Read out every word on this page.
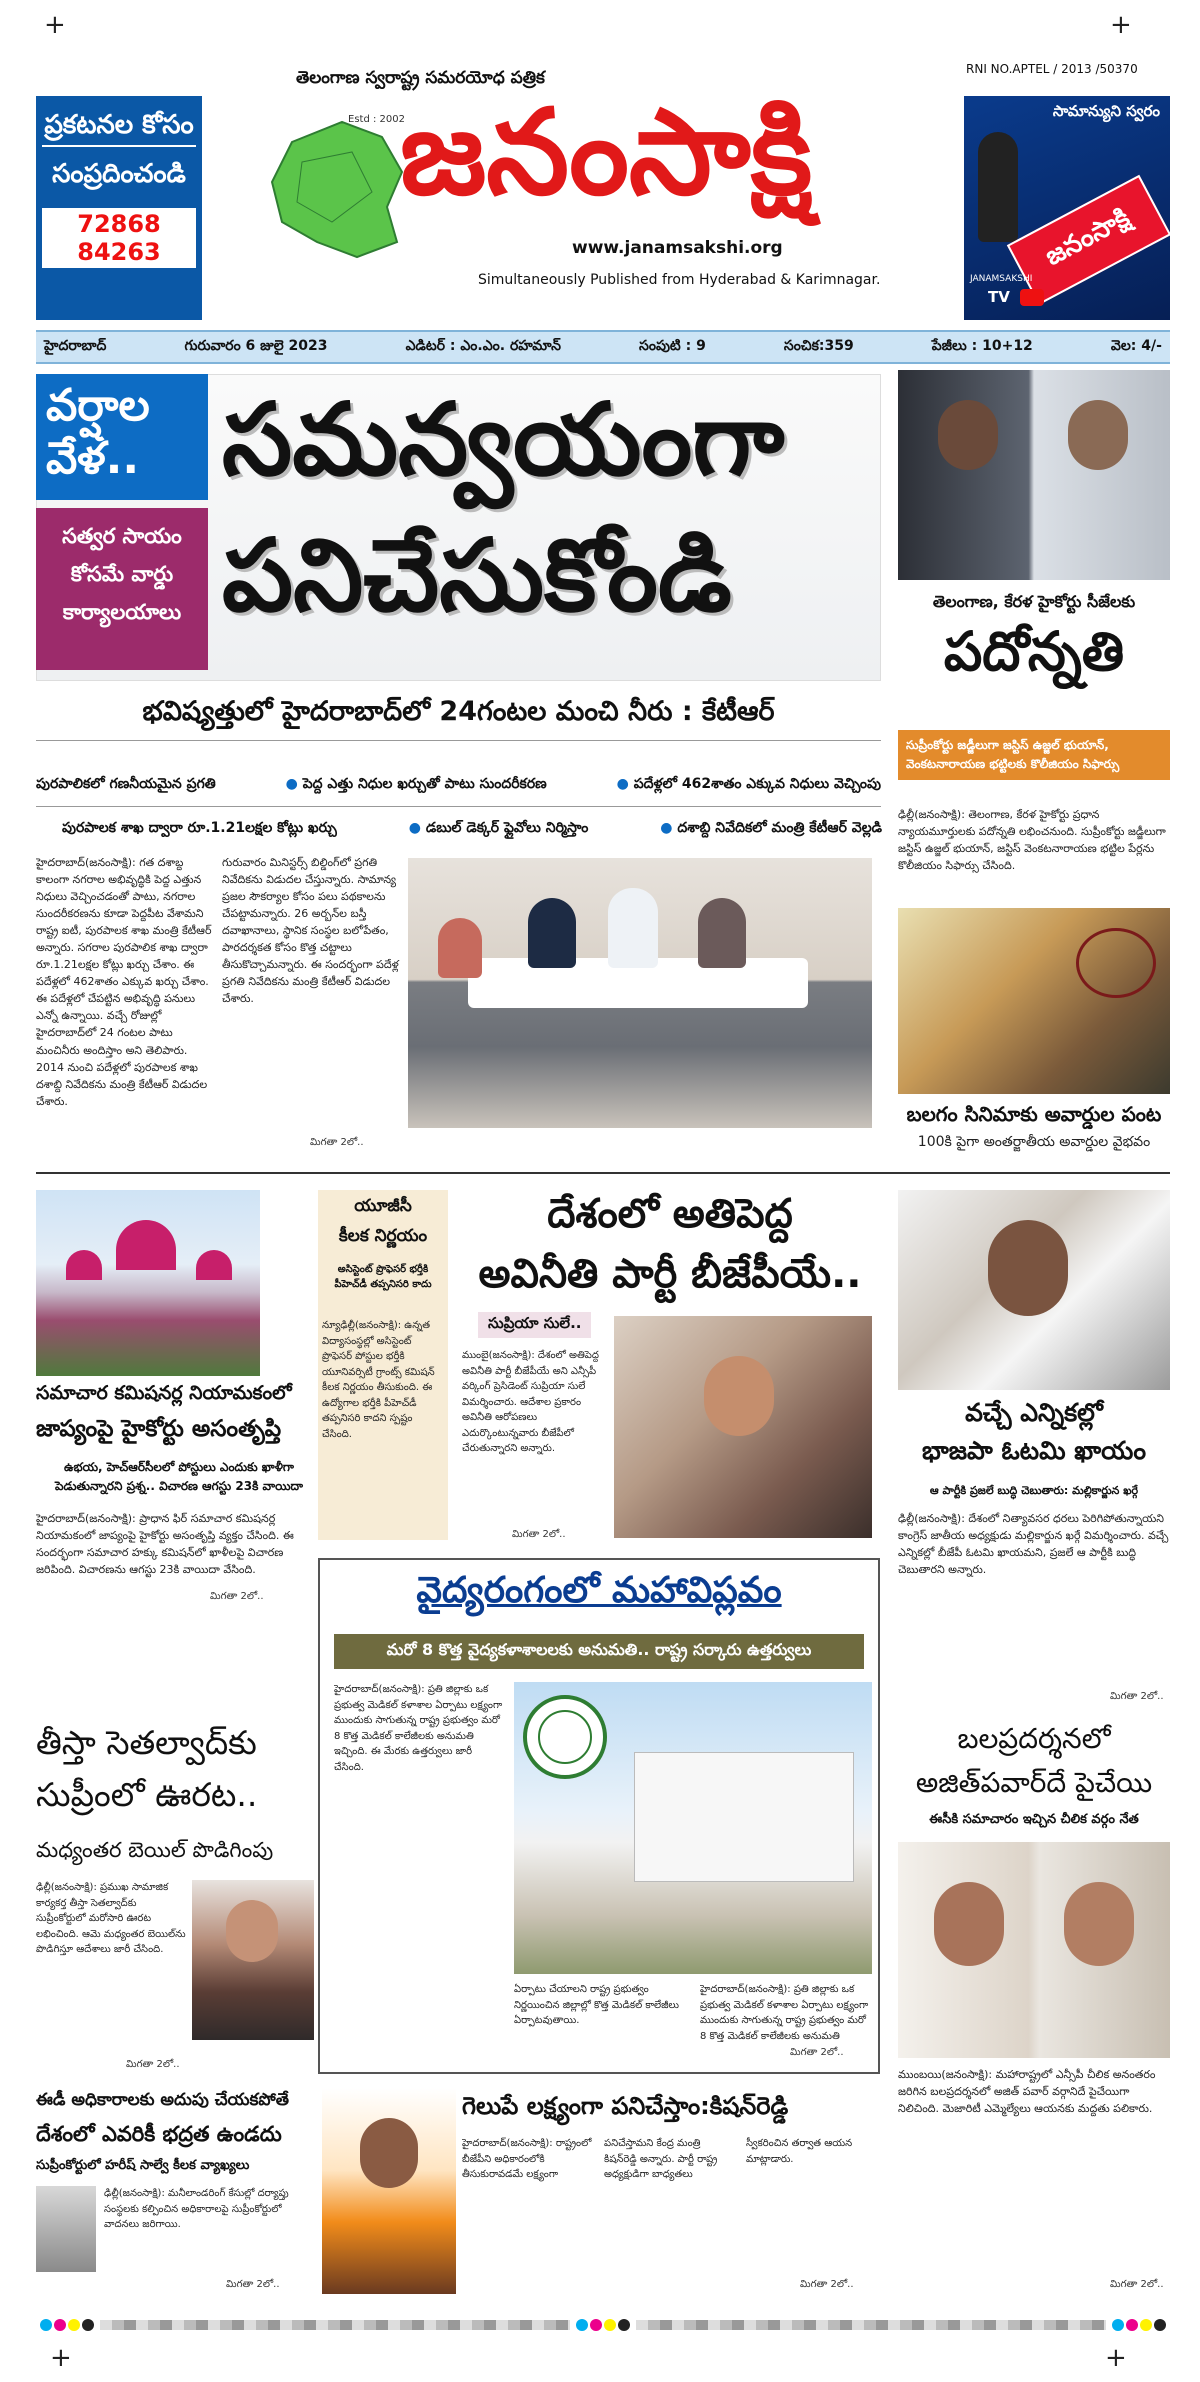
+	+
+	+
ప్రకటనల కోసం
సంప్రదించండి
72868 84263
తెలంగాణ స్వరాష్ట్ర సమరయోధ పత్రిక
Estd : 2002
జనంసాక్షి
www.janamsakshi.org
Simultaneously Published from Hyderabad & Karimnagar.
RNI NO.APTEL / 2013 /50370
సామాన్యుని స్వరం
జనంసాక్షి
JANAMSAKSHI
TV
హైదరాబాద్	గురువారం 6 జులై 2023	ఎడిటర్ : ఎం.ఎం. రహమాన్	సంపుటి : 9	సంచిక:359	పేజీలు : 10+12	వెల: 4/-
వర్షాల
వేళ..
సత్వర సాయం
కోసమే వార్డు
కార్యాలయాలు
సమన్వయంగా
పనిచేసుకోండి
భవిష్యత్తులో హైదరాబాద్‌లో 24గంటల మంచి నీరు : కేటీఆర్
పురపాలికలో గణనీయమైన ప్రగతి	● పెద్ద ఎత్తు నిధుల ఖర్చుతో పాటు సుందరీకరణ	● పదేళ్లలో 462శాతం ఎక్కువ నిధులు వెచ్చింపు
పురపాలక శాఖ ద్వారా రూ.1.21లక్షల కోట్లు ఖర్చు	● డబుల్‌ డెక్కర్‌ ఫ్లైవోలు నిర్మిస్తాం	● దశాబ్ది నివేదికలో మంత్రి కేటీఆర్‌ వెల్లడి
హైదరాబాద్‌(జనంసాక్షి): గత దశాబ్ద కాలంగా నగరాల అభివృద్ధికి పెద్ద ఎత్తున నిధులు వెచ్చించడంతో పాటు, నగరాల సుందరీకరణను కూడా పెద్దపీట వేశామని రాష్ట్ర ఐటీ, పురపాలక శాఖ మంత్రి కేటీఆర్‌ అన్నారు. సగరాల పురపాలిక శాఖ ద్వారా రూ.1.21లక్షల కోట్లు ఖర్చు చేశాం. ఈ పదేళ్లలో 462శాతం ఎక్కువ ఖర్చు చేశాం. ఈ పదేళ్లలో చేపట్టిన అభివృద్ధి పనులు ఎన్నో ఉన్నాయి. వచ్చే రోజుల్లో హైదరాబాద్‌లో 24 గంటల పాటు మంచినీరు అందిస్తాం అని తెలిపారు. 2014 నుంచి పదేళ్లలో పురపాలక శాఖ దశాబ్ది నివేదికను మంత్రి కేటీఆర్‌ విడుదల చేశారు.
గురువారం మినిస్టర్స్‌ బిల్డింగ్‌లో ప్రగతి నివేదికను విడుదల చేస్తున్నారు. సామాన్య ప్రజల సౌకర్యాల కోసం పలు పథకాలను చేపట్టామన్నారు. 26 అర్బన్‌ల బస్తీ దవాఖానాలు, స్థానిక సంస్థల బలోపేతం, పారదర్శకత కోసం కొత్త చట్టాలు తీసుకొచ్చామన్నారు. ఈ సందర్భంగా పదేళ్ల ప్రగతి నివేదికను మంత్రి కేటీఆర్‌ విడుదల చేశారు.
మిగతా 2లో..
తెలంగాణ, కేరళ హైకోర్టు సీజేలకు
పదోన్నతి
సుప్రీంకోర్టు జడ్జీలుగా జస్టిస్‌ ఉజ్జల్‌ భుయాన్‌,
వెంకటనారాయణ భట్టిలకు కొలీజియం సిఫార్సు
ఢిల్లీ(జనంసాక్షి): తెలంగాణ, కేరళ హైకోర్టు ప్రధాన న్యాయమూర్తులకు పదోన్నతి లభించనుంది. సుప్రీంకోర్టు జడ్జీలుగా జస్టిస్‌ ఉజ్జల్‌ భుయాన్‌, జస్టిస్‌ వెంకటనారాయణ భట్టిల పేర్లను కొలీజియం సిఫార్సు చేసింది.
బలగం సినిమాకు అవార్డుల పంట
100కి పైగా అంతర్జాతీయ అవార్డుల వైభవం
సమాచార కమిషనర్ల నియామకంలో
జాప్యంపై హైకోర్టు అసంతృప్తి
ఉభయ, హెచ్‌ఆర్‌సీలలో పోస్టులు ఎందుకు ఖాళీగా పెడుతున్నారని ప్రశ్న.. విచారణ ఆగస్టు 23కి వాయిదా
హైదరాబాద్‌(జనంసాక్షి): ప్రాధాన ఫిర్‌ సమాచార కమిషనర్ల నియామకంలో జాప్యంపై హైకోర్టు అసంతృప్తి వ్యక్తం చేసింది. ఈ సందర్భంగా సమాచార హక్కు కమిషన్‌లో ఖాళీలపై విచారణ జరిపింది. విచారణను ఆగస్టు 23కి వాయిదా వేసింది.
మిగతా 2లో..
యూజీసీ
కీలక నిర్ణయం
అసిస్టెంట్‌ ప్రొఫెసర్‌ భర్తీకి పీహెచ్‌డీ తప్పనిసరి కాదు
న్యూఢిల్లీ(జనంసాక్షి): ఉన్నత విద్యాసంస్థల్లో అసిస్టెంట్‌ ప్రొఫెసర్‌ పోస్టుల భర్తీకి యూనివర్సిటీ గ్రాంట్స్‌ కమిషన్‌ కీలక నిర్ణయం తీసుకుంది. ఈ ఉద్యోగాల భర్తీకి పీహెచ్‌డీ తప్పనిసరి కాదని స్పష్టం చేసింది.
దేశంలో అతిపెద్ద
అవినీతి పార్టీ బీజేపీయే..
సుప్రియా సులే..
ముంబై(జనంసాక్షి): దేశంలో అతిపెద్ద అవినీతి పార్టీ బీజేపీయే అని ఎన్సీపీ వర్కింగ్‌ ప్రెసిడెంట్‌ సుప్రియా సులే విమర్శించారు. ఆదేశాల ప్రకారం అవినీతి ఆరోపణలు ఎదుర్కొంటున్నవారు బీజేపీలో చేరుతున్నారని అన్నారు.
మిగతా 2లో..
వచ్చే ఎన్నికల్లో
భాజపా ఓటమి ఖాయం
ఆ పార్టీకి ప్రజలే బుద్ధి చెబుతారు: మల్లికార్జున ఖర్గే
ఢిల్లీ(జనంసాక్షి): దేశంలో నిత్యావసర ధరలు పెరిగిపోతున్నాయని కాంగ్రెస్‌ జాతీయ అధ్యక్షుడు మల్లికార్జున ఖర్గే విమర్శించారు. వచ్చే ఎన్నికల్లో బీజేపీ ఓటమి ఖాయమని, ప్రజలే ఆ పార్టీకి బుద్ధి చెబుతారని అన్నారు.
మిగతా 2లో..
వైద్యరంగంలో మహావిప్లవం
మరో 8 కొత్త వైద్యకళాశాలలకు అనుమతి.. రాష్ట్ర సర్కారు ఉత్తర్వులు
హైదరాబాద్‌(జనంసాక్షి): ప్రతి జిల్లాకు ఒక ప్రభుత్వ మెడికల్‌ కళాశాల ఏర్పాటు లక్ష్యంగా ముందుకు సాగుతున్న రాష్ట్ర ప్రభుత్వం మరో 8 కొత్త మెడికల్‌ కాలేజీలకు అనుమతి ఇచ్చింది. ఈ మేరకు ఉత్తర్వులు జారీ చేసింది.
ఏర్పాటు చేయాలని రాష్ట్ర ప్రభుత్వం నిర్ణయించిన జిల్లాల్లో కొత్త మెడికల్‌ కాలేజీలు ఏర్పాటవుతాయి.
హైదరాబాద్‌(జనంసాక్షి): ప్రతి జిల్లాకు ఒక ప్రభుత్వ మెడికల్‌ కళాశాల ఏర్పాటు లక్ష్యంగా ముందుకు సాగుతున్న రాష్ట్ర ప్రభుత్వం మరో 8 కొత్త మెడికల్‌ కాలేజీలకు అనుమతి
మిగతా 2లో..
తీస్తా సెతల్వాద్‌కు
సుప్రీంలో ఊరట..
మధ్యంతర బెయిల్‌ పొడిగింపు
ఢిల్లీ(జనంసాక్షి): ప్రముఖ సామాజిక కార్యకర్త తీస్తా సెతల్వాద్‌కు సుప్రీంకోర్టులో మరోసారి ఊరట లభించింది. ఆమె మధ్యంతర బెయిల్‌ను పొడిగిస్తూ ఆదేశాలు జారీ చేసింది.
మిగతా 2లో..
ఈడీ అధికారాలకు అదుపు చేయకపోతే
దేశంలో ఎవరికీ భద్రత ఉండదు
సుప్రీంకోర్టులో హరీష్‌ సాల్వే కీలక వ్యాఖ్యలు
ఢిల్లీ(జనంసాక్షి): మనీలాండరింగ్‌ కేసుల్లో దర్యాప్తు సంస్థలకు కల్పించిన అధికారాలపై సుప్రీంకోర్టులో వాదనలు జరిగాయి.
మిగతా 2లో..
గెలుపే లక్ష్యంగా పనిచేస్తాం:కిషన్‌రెడ్డి
హైదరాబాద్‌(జనంసాక్షి): రాష్ట్రంలో బీజేపీని అధికారంలోకి తీసుకురావడమే లక్ష్యంగా పనిచేస్తామని కేంద్ర మంత్రి కిషన్‌రెడ్డి అన్నారు. పార్టీ రాష్ట్ర అధ్యక్షుడిగా బాధ్యతలు స్వీకరించిన తర్వాత ఆయన మాట్లాడారు.
మిగతా 2లో..
బలప్రదర్శనలో
అజిత్‌పవార్‌దే పైచేయి
ఈసీకి సమాచారం ఇచ్చిన చీలిక వర్గం నేత
ముంబయి(జనంసాక్షి): మహారాష్ట్రలో ఎన్సీపీ చీలిక అనంతరం జరిగిన బలప్రదర్శనలో అజిత్‌ పవార్‌ వర్గానిదే పైచేయిగా నిలిచింది. మెజారిటీ ఎమ్మెల్యేలు ఆయనకు మద్దతు పలికారు.
మిగతా 2లో..
